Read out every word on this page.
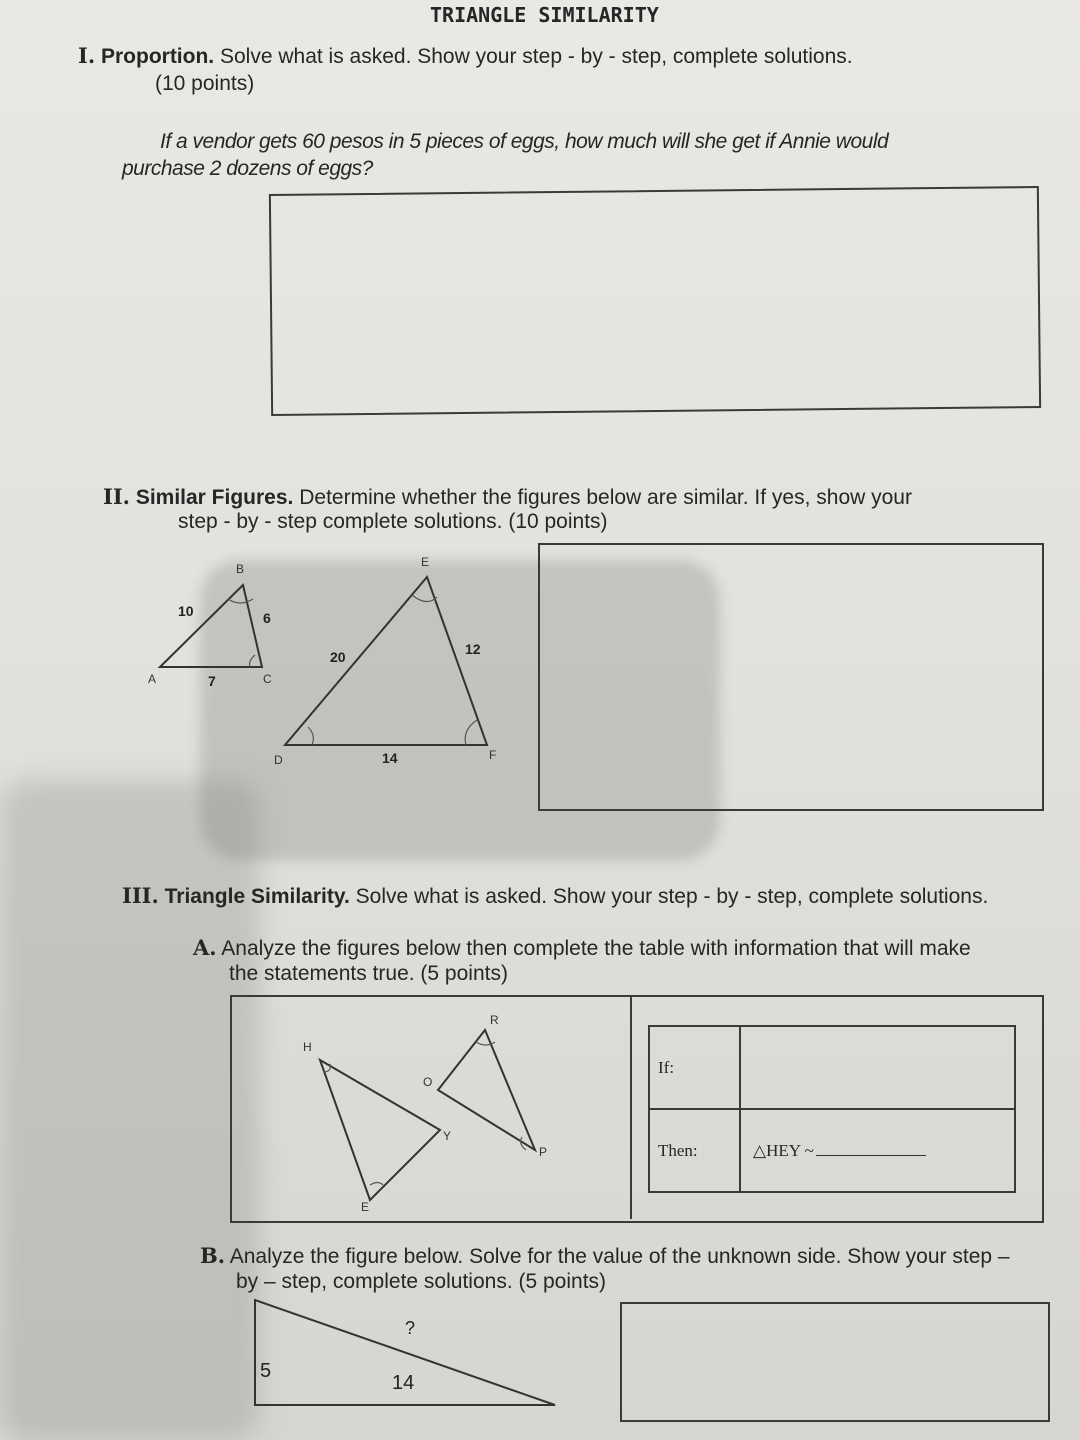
TRIANGLE SIMILARITY
I. Proportion. Solve what is asked. Show your step - by - step, complete solutions.
(10 points)
If a vendor gets 60 pesos in 5 pieces of eggs, how much will she get if Annie would
purchase 2 dozens of eggs?
II. Similar Figures. Determine whether the figures below are similar. If yes, show your
step - by - step complete solutions. (10 points)
A
B
C
10	6
7
D
E
F
20	12
14
III. Triangle Similarity. Solve what is asked. Show your step - by - step, complete solutions.
A. Analyze the figures below then complete the table with information that will make
the statements true. (5 points)
H
E
Y
R
O
P
If:	
Then:	△HEY ~
B. Analyze the figure below. Solve for the value of the unknown side. Show your step –
by – step, complete solutions. (5 points)
5
14
?
